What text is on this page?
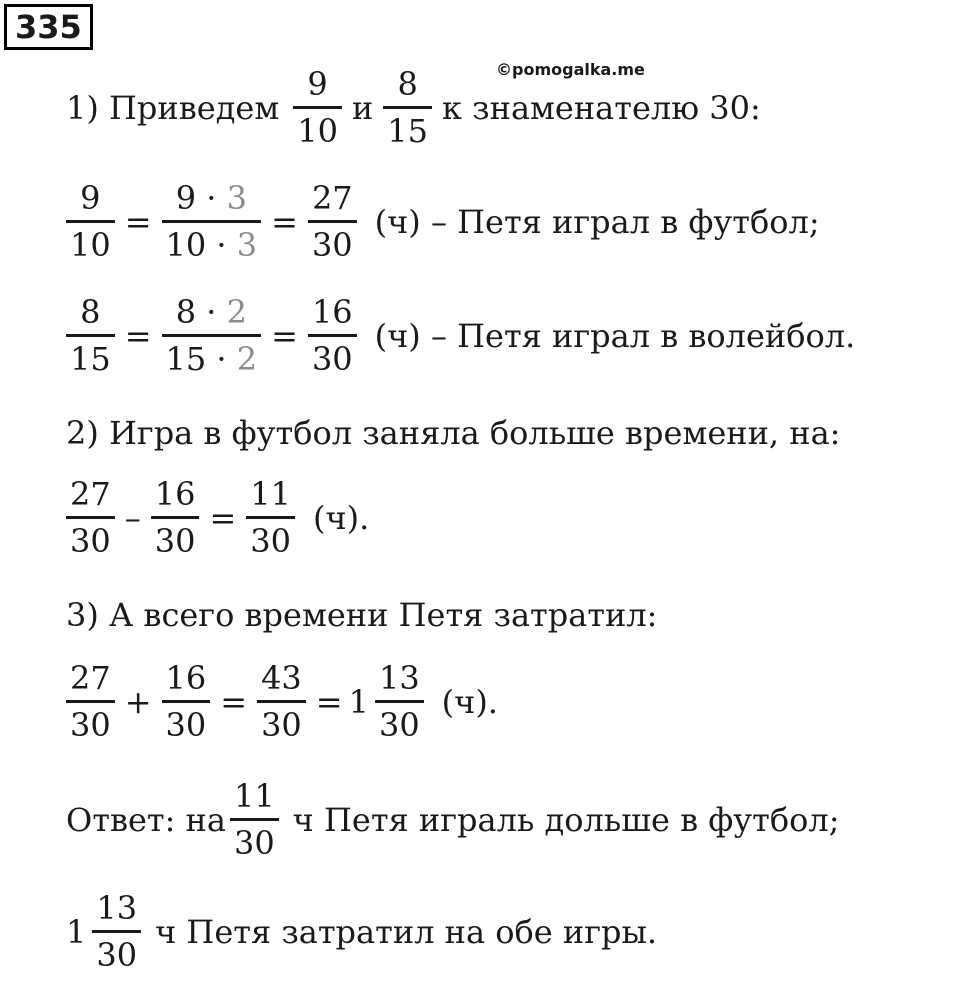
335
©pomogalka.me
1) Приведем $\frac{9}{10}$ и $\frac{8}{15}$ к знаменателю 30:
$\frac{9}{10} = \frac{9 \cdot 3}{10 \cdot 3} = \frac{27}{30} (ч)$ – Петя играл в футбол;
$\frac{8}{15} = \frac{8 \cdot 2}{15 \cdot 2} = \frac{16}{30} (ч)$ – Петя играл в волейбол.
2) Игра в футбол заняла больше времени, на:
$\frac{27}{30} - \frac{16}{30} = \frac{11}{30} (ч)$.
3) А всего времени Петя затратил:
$\frac{27}{30} + \frac{16}{30} = \frac{43}{30} = 1 \frac{13}{30} (ч)$.
Ответ: на $\frac{11}{30}$ ч Петя играль дольше в футбол;
$1 \frac{13}{30}$ ч Петя затратил на обе игры.
